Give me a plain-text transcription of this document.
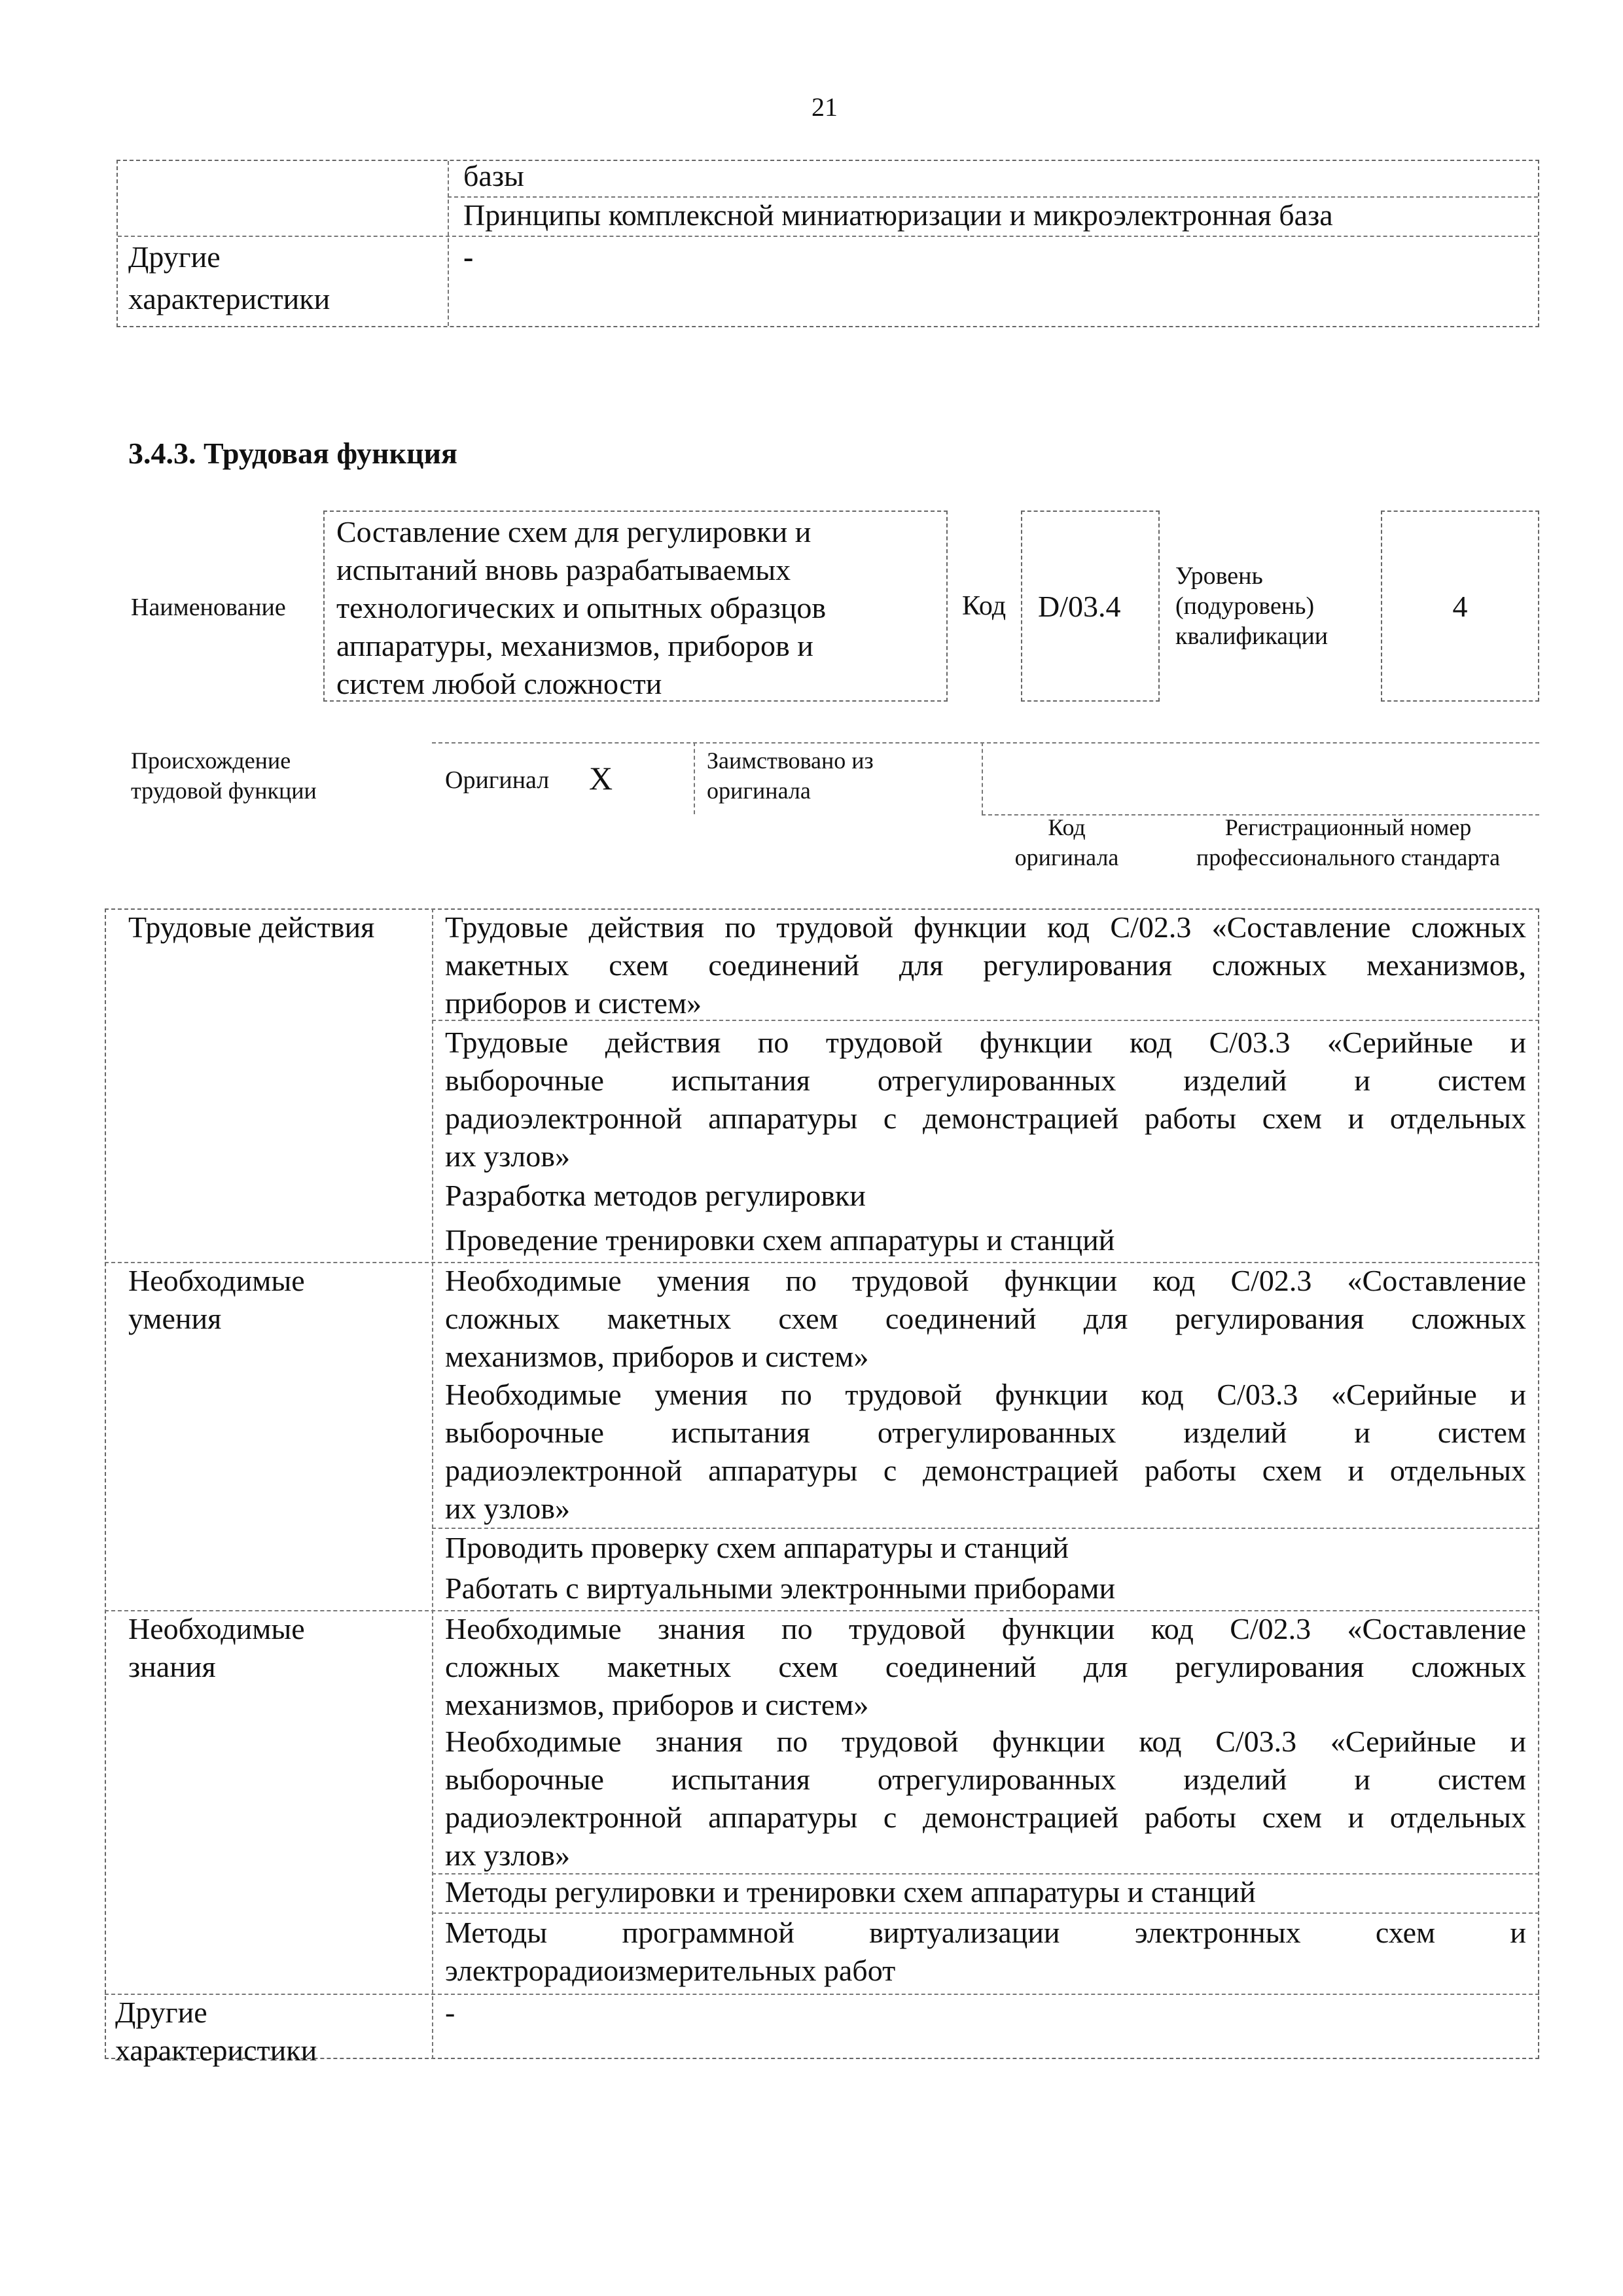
21
базы
Принципы комплексной миниатюризации и микроэлектронная база
Другие
характеристики
-
3.4.3. Трудовая функция
Наименование
Составление схем для регулировки и
испытаний вновь разрабатываемых
технологических и опытных образцов
аппаратуры, механизмов, приборов и
систем любой сложности
Код D/03.4
Уровень
(подуровень)
квалификации
4
Происхождение
трудовой функции	Оригинал X	Заимствовано из
оригинала
Код
оригинала
Регистрационный номер
профессионального стандарта
Трудовые действия Трудовые действия по трудовой функции код С/02.3 «Составление сложных
макетных схем соединений для регулирования сложных механизмов,
приборов и систем»
Трудовые действия по трудовой функции код С/03.3 «Серийные и
выборочные испытания отрегулированных изделий и систем
радиоэлектронной аппаратуры с демонстрацией работы схем и отдельных
их узлов»
Разработка методов регулировки
Проведение тренировки схем аппаратуры и станций
Необходимые
умения
Необходимые умения по трудовой функции код С/02.3 «Составление
сложных макетных схем соединений для регулирования сложных
механизмов, приборов и систем»
Необходимые умения по трудовой функции код С/03.3 «Серийные и
выборочные испытания отрегулированных изделий и систем
радиоэлектронной аппаратуры с демонстрацией работы схем и отдельных
их узлов»
Проводить проверку схем аппаратуры и станций
Работать с виртуальными электронными приборами
Необходимые
знания
Необходимые знания по трудовой функции код С/02.3 «Составление
сложных макетных схем соединений для регулирования сложных
механизмов, приборов и систем»
Необходимые знания по трудовой функции код С/03.3 «Серийные и
выборочные испытания отрегулированных изделий и систем
радиоэлектронной аппаратуры с демонстрацией работы схем и отдельных
их узлов»
Методы регулировки и тренировки схем аппаратуры и станций
Методы программной виртуализации электронных схем и
электрорадиоизмерительных работ
Другие
характеристики
-
